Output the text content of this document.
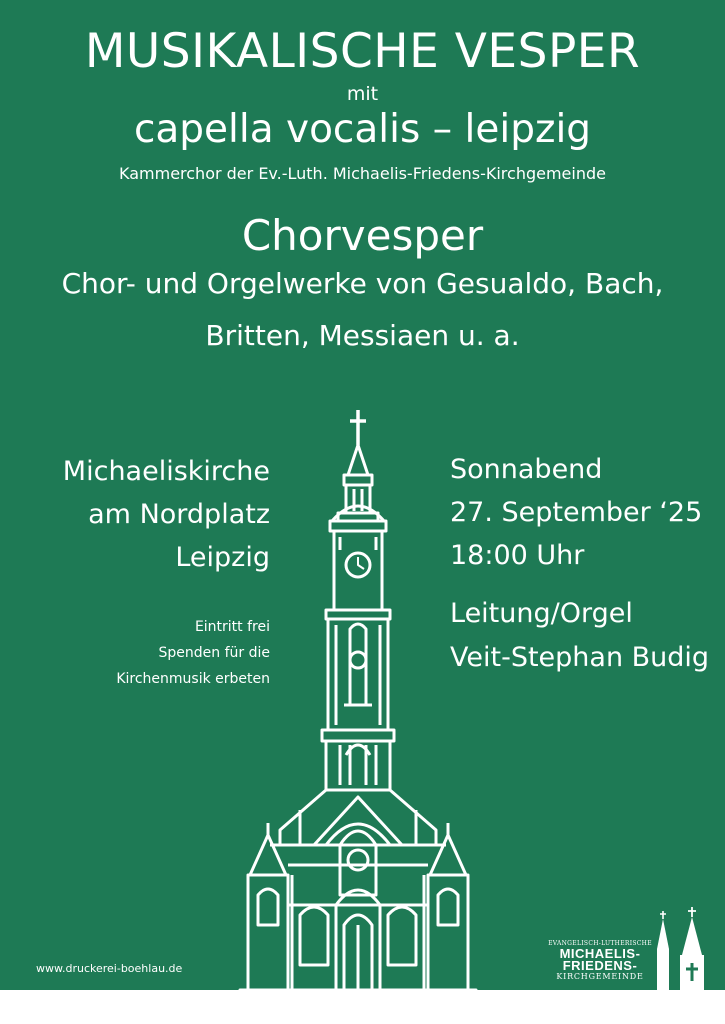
MUSIKALISCHE VESPER
mit
capella vocalis – leipzig
Kammerchor der Ev.-Luth. Michaelis-Friedens-Kirchgemeinde
Chorvesper
Chor- und Orgelwerke von Gesualdo, Bach,
Britten, Messiaen u. a.
Michaeliskirche
am Nordplatz
Leipzig
Eintritt frei
Spenden für die
Kirchenmusik erbeten
Sonnabend
27. September ‘25
18:00 Uhr
Leitung/Orgel
Veit-Stephan Budig
www.druckerei-boehlau.de
EVANGELISCH-LUTHERISCHE
MICHAELIS-
FRIEDENS-
KIRCHGEMEINDE
